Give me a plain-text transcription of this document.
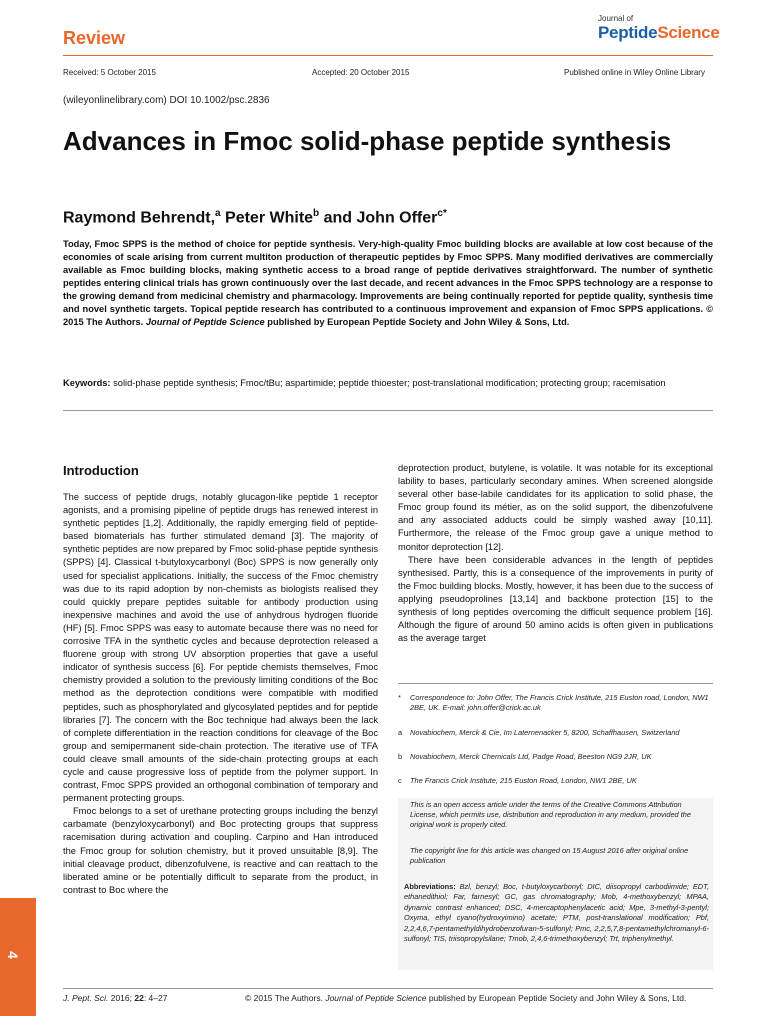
Review
Journal of
PeptideScience
Received: 5 October 2015	Accepted: 20 October 2015	Published online in Wiley Online Library
(wileyonlinelibrary.com) DOI 10.1002/psc.2836
Advances in Fmoc solid-phase peptide synthesis
Raymond Behrendt,$^a$ Peter White$^b$ and John Offer$^{c*}$
Today, Fmoc SPPS is the method of choice for peptide synthesis. Very-high-quality Fmoc building blocks are available at low cost because of the economies of scale arising from current multiton production of therapeutic peptides by Fmoc SPPS. Many modified derivatives are commercially available as Fmoc building blocks, making synthetic access to a broad range of peptide derivatives straightforward. The number of synthetic peptides entering clinical trials has grown continuously over the last decade, and recent advances in the Fmoc SPPS technology are a response to the growing demand from medicinal chemistry and pharmacology. Improvements are being continually reported for peptide quality, synthesis time and novel synthetic targets. Topical peptide research has contributed to a continuous improvement and expansion of Fmoc SPPS applications. © 2015 The Authors. Journal of Peptide Science published by European Peptide Society and John Wiley & Sons, Ltd.
Keywords: solid-phase peptide synthesis; Fmoc/tBu; aspartimide; peptide thioester; post-translational modification; protecting group; racemisation
Introduction

The success of peptide drugs, notably glucagon-like peptide 1 receptor agonists, and a promising pipeline of peptide drugs has renewed interest in synthetic peptides [1,2]. Additionally, the rapidly emerging field of peptide-based biomaterials has further stimulated demand [3]. The majority of synthetic peptides are now prepared by Fmoc solid-phase peptide synthesis (SPPS) [4]. Classical t-butyloxycarbonyl (Boc) SPPS is now generally only used for specialist applications. Initially, the success of the Fmoc chemistry was due to its rapid adoption by non-chemists as biologists realised they could quickly prepare peptides suitable for antibody production using inexpensive machines and avoid the use of anhydrous hydrogen fluoride (HF) [5]. Fmoc SPPS was easy to automate because there was no need for corrosive TFA in the synthetic cycles and because deprotection released a fluorene group with strong UV absorption properties that gave a useful indicator of synthesis success [6]. For peptide chemists themselves, Fmoc chemistry provided a solution to the previously limiting conditions of the Boc method as the deprotection conditions were compatible with modified peptides, such as phosphorylated and glycosylated peptides and for peptide libraries [7]. The concern with the Boc technique had always been the lack of complete differentiation in the reaction conditions for cleavage of the Boc group and semipermanent side-chain protection. The iterative use of TFA could cleave small amounts of the side-chain protecting groups at each cycle and cause progressive loss of peptide from the polymer support. In contrast, Fmoc SPPS provided an orthogonal combination of temporary and permanent protecting groups.

Fmoc belongs to a set of urethane protecting groups including the benzyl carbamate (benzyloxycarbonyl) and Boc protecting groups that suppress racemisation during activation and coupling. Carpino and Han introduced the Fmoc group for solution chemistry, but it proved unsuitable [8,9]. The initial cleavage product, dibenzofulvene, is reactive and can reattach to the liberated amine or be potentially difficult to separate from the product, in contrast to Boc where the

deprotection product, butylene, is volatile. It was notable for its exceptional lability to bases, particularly secondary amines. When screened alongside several other base-labile candidates for its application to solid phase, the Fmoc group found its métier, as on the solid support, the dibenzofulvene and any associated adducts could be simply washed away [10,11]. Furthermore, the release of the Fmoc group gave a unique method to monitor deprotection [12].

There have been considerable advances in the length of peptides synthesised. Partly, this is a consequence of the improvements in purity of the Fmoc building blocks. Mostly, however, it has been due to the success of applying pseudoprolines [13,14] and backbone protection [15] to the synthesis of long peptides overcoming the difficult sequence problem [16]. Although the figure of around 50 amino acids is often given in publications as the average target

* Correspondence to: John Offer, The Francis Crick Institute, 215 Euston road, London, NW1 2BE, UK. E-mail: john.offer@crick.ac.uk
a Novabiochem, Merck & Cie, Im Laternenacker 5, 8200, Schaffhausen, Switzerland
b Novabiochem, Merck Chemicals Ltd, Padge Road, Beeston NG9 2JR, UK
c The Francis Crick Institute, 215 Euston Road, London, NW1 2BE, UK
This is an open access article under the terms of the Creative Commons Attribution License, which permits use, distribution and reproduction in any medium, provided the original work is properly cited.
The copyright line for this article was changed on 15 August 2016 after original online publication
Abbreviations: Bzl, benzyl; Boc, t-butyloxycarbonyl; DIC, diisopropyl carbodiimide; EDT, ethanedithiol; Far, farnesyl; GC, gas chromatography; Mob, 4-methoxybenzyl; MPAA, dynamic contrast enhanced; DSC, 4-mercaptophenylacetic acid; Mpe, 3-methyl-3-pentyl; Oxyma, ethyl cyano(hydroxyimino) acetate; PTM, post-translational modification; Pbf, 2,2,4,6,7-pentamethyldihydrobenzofuran-5-sulfonyl; Pmc, 2,2,5,7,8-pentamethylchromanyl-6-sulfonyl; TIS, triisopropylsilane; Tmob, 2,4,6-trimethoxybenzyl; Trt, triphenylmethyl.
J. Pept. Sci. 2016; 22: 4–27	© 2015 The Authors. Journal of Peptide Science published by European Peptide Society and John Wiley & Sons, Ltd.
4
